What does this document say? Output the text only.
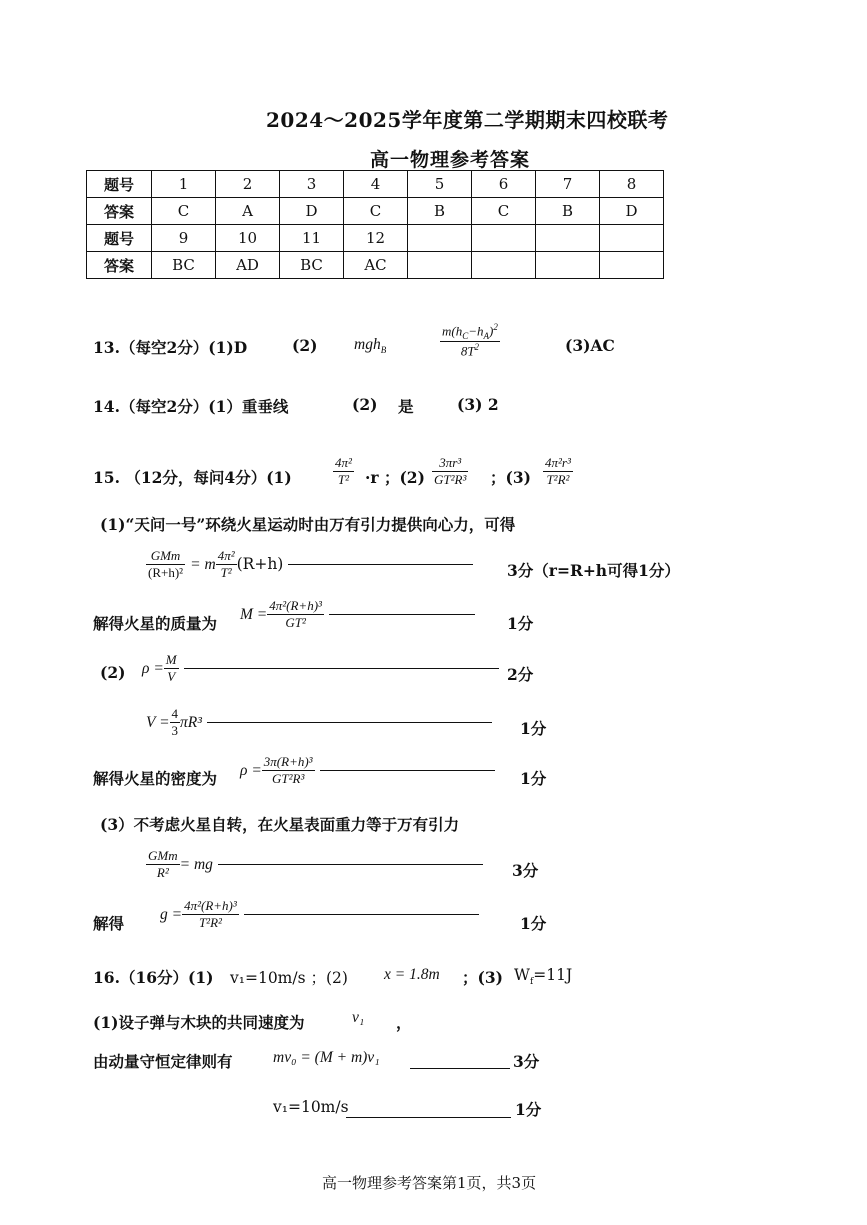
2024～2025学年度第二学期期末四校联考
高一物理参考答案
题号	1	2	3	4	5	6	7	8
答案	C	A	D	C	B	C	B	D
题号	9	10	11	12				
答案	BC	AD	BC	AC				
13.（每空2分）(1)D	(2) mgh$_B$	$\frac{m(h_C-h_A)^2}{8T^2}$	(3)AC
14.（每空2分）(1）重垂线	(2) 是	(3) 2
15. （12分，每问4分）(1)	$\frac{\text{4π²}}{\text{T²}} \cdot r$ ；$(2) \frac{\text{3πr³}}{\text{GT²R³}}$ ；$(3) \frac{\text{4π²r³}}{\text{T²R²}}$
(1)“天问一号”环绕火星运动时由万有引力提供向心力，可得
$\frac{\text{GMm}}{\text{(R+h)²}} = m \frac{\text{4π²}}{\text{T²}} (R+h)$	3分（r=R+h可得1分）
解得火星的质量为 $M = \frac{\text{4π²(R+h)³}}{\text{GT²}}$
	1分
(2) $\rho = \frac{M}{V}$
	2分
$V = \frac{4}{3} \pi R^3$	1分
解得火星的密度为 $\rho = \frac{\text{3π(R+h)³}}{\text{GT²R³}}$
	1分
(3）不考虑火星自转，在火星表面重力等于万有引力
$\frac{\text{GMm}}{\text{R²}}$ = mg	3分
解得 $g = \frac{\text{4π²(R+h)³}}{\text{T²R²}}$
	1分
16.（16分）(1) v₁=10m/s ；(2) x = 1.8m ；(3) $W_f=11J$
(1)设子弹与木块的共同速度为	v₁ ，
由动量守恒定律则有	mv₀ = (M + m)v₁	3分
v₁=10m/s	1分
高一物理参考答案第1页，共3页
